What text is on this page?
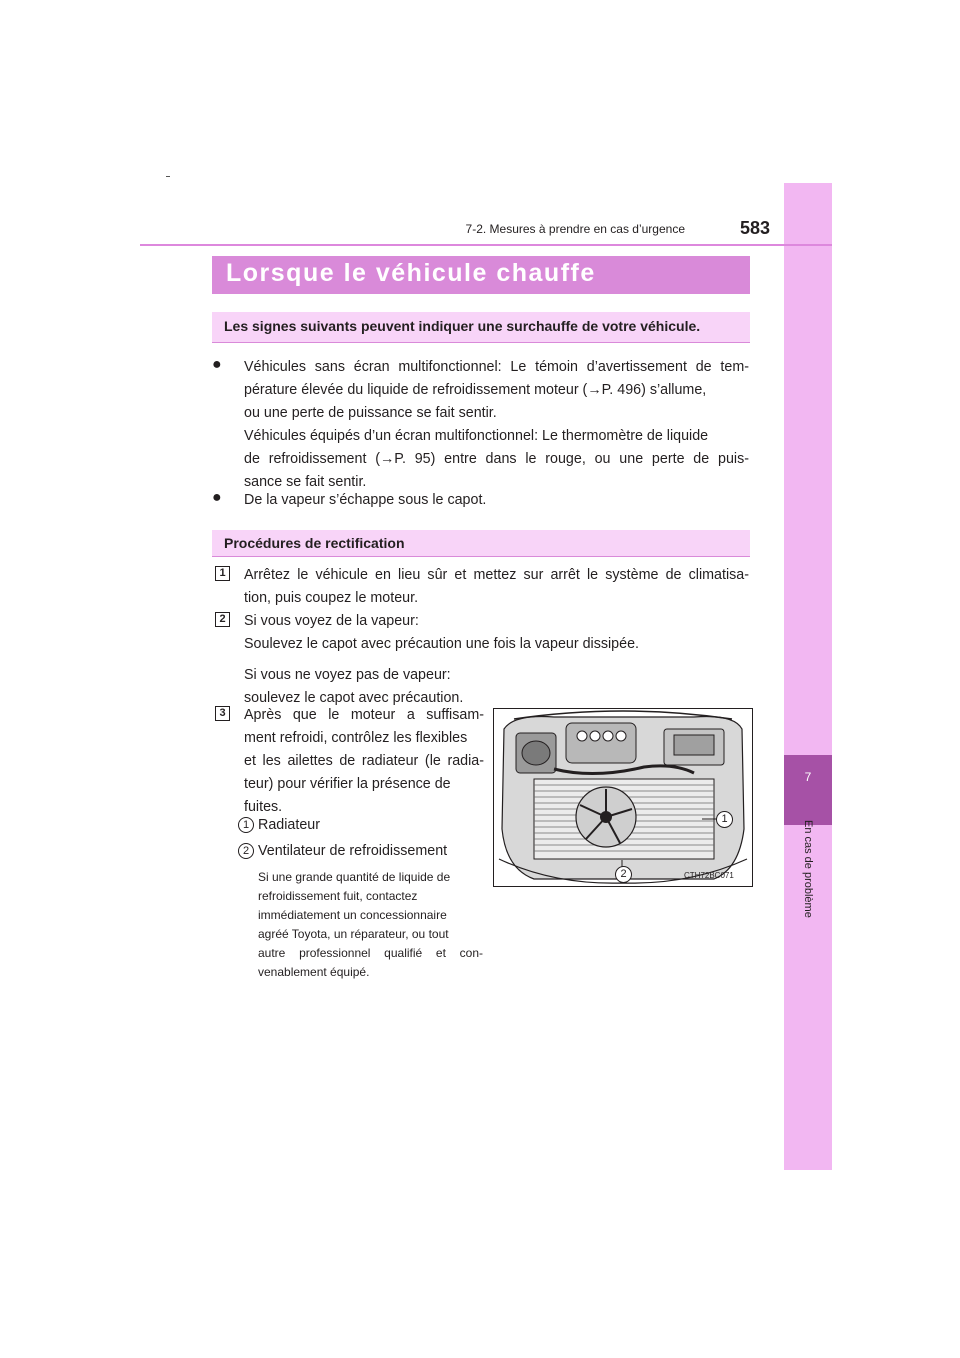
7
En cas de problème
7-2. Mesures à prendre en cas d’urgence	583
Lorsque le véhicule chauffe
Les signes suivants peuvent indiquer une surchauffe de votre véhicule.
● Véhicules sans écran multifonctionnel: Le témoin d’avertissement de tem-
pérature élevée du liquide de refroidissement moteur (→P. 496) s’allume,
ou une perte de puissance se fait sentir.
Véhicules équipés d’un écran multifonctionnel: Le thermomètre de liquide
de refroidissement (→P. 95) entre dans le rouge, ou une perte de puis-
sance se fait sentir.
● De la vapeur s’échappe sous le capot.
Procédures de rectification
1	Arrêtez le véhicule en lieu sûr et mettez sur arrêt le système de climatisa-
tion, puis coupez le moteur.
2	Si vous voyez de la vapeur:
Soulevez le capot avec précaution une fois la vapeur dissipée.
Si vous ne voyez pas de vapeur:
soulevez le capot avec précaution.
3	Après que le moteur a suffisam-
ment refroidi, contrôlez les flexibles
et les ailettes de radiateur (le radia-
teur) pour vérifier la présence de
fuites.
1 Radiateur
2 Ventilateur de refroidissement
Si une grande quantité de liquide de
refroidissement fuit, contactez
immédiatement un concessionnaire
agréé Toyota, un réparateur, ou tout
autre professionnel qualifié et con-
venablement équipé.
1
2	CTH72BC071
